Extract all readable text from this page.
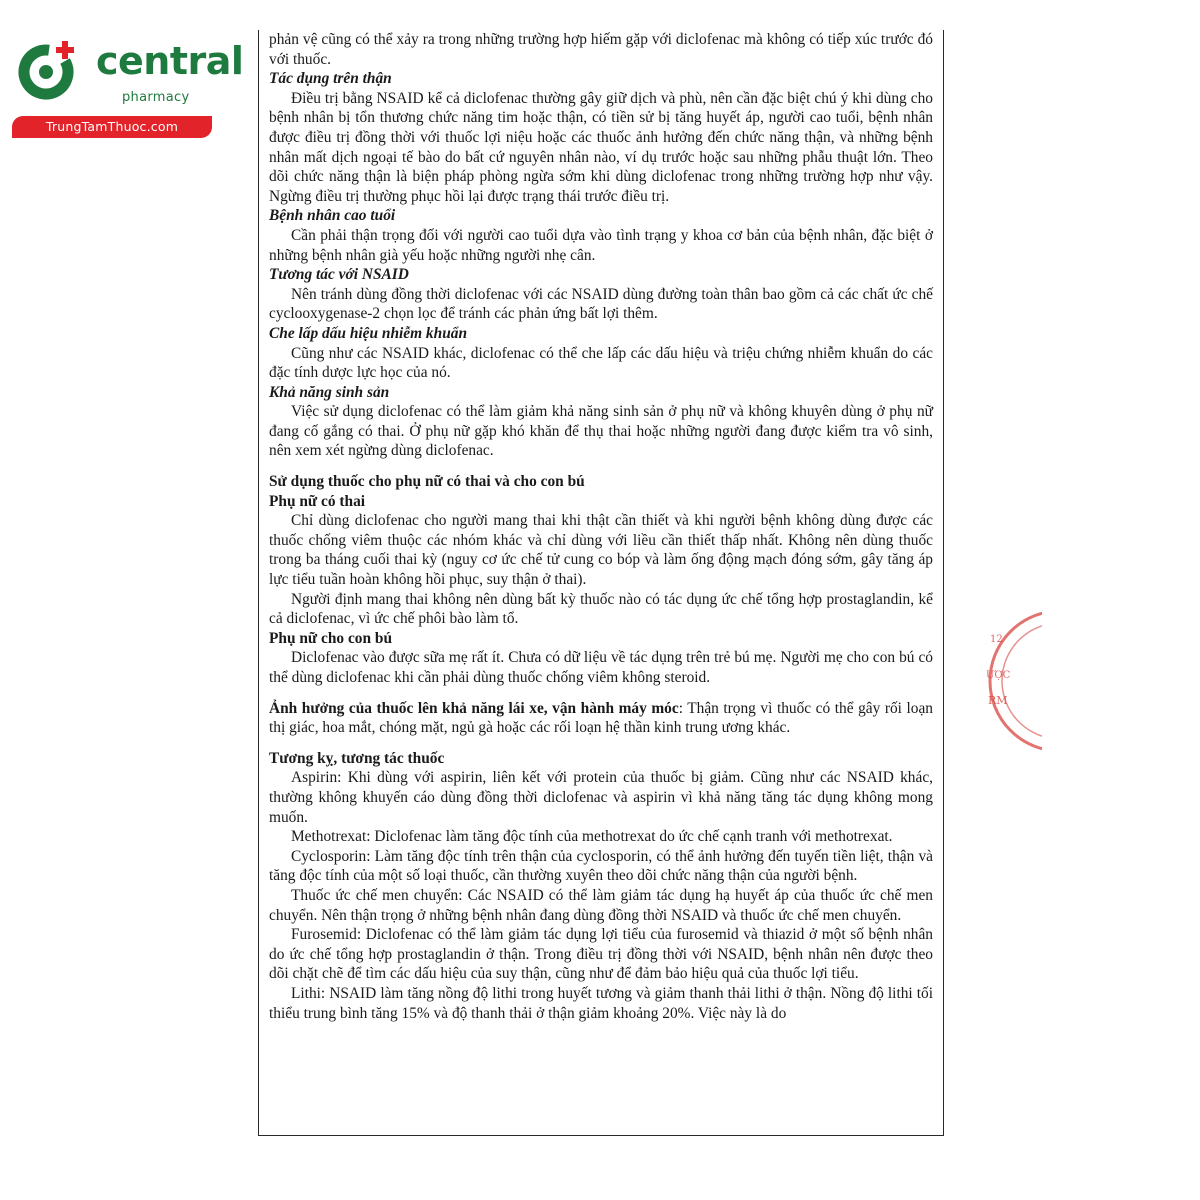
central
pharmacy
TrungTamThuoc.com

phản vệ cũng có thể xảy ra trong những trường hợp hiếm gặp với diclofenac mà không có tiếp xúc trước đó với thuốc.

Tác dụng trên thận

Điều trị bằng NSAID kể cả diclofenac thường gây giữ dịch và phù, nên cần đặc biệt chú ý khi dùng cho bệnh nhân bị tổn thương chức năng tim hoặc thận, có tiền sử bị tăng huyết áp, người cao tuổi, bệnh nhân được điều trị đồng thời với thuốc lợi niệu hoặc các thuốc ảnh hưởng đến chức năng thận, và những bệnh nhân mất dịch ngoại tế bào do bất cứ nguyên nhân nào, ví dụ trước hoặc sau những phẫu thuật lớn. Theo dõi chức năng thận là biện pháp phòng ngừa sớm khi dùng diclofenac trong những trường hợp như vậy. Ngừng điều trị thường phục hồi lại được trạng thái trước điều trị.

Bệnh nhân cao tuổi

Cần phải thận trọng đối với người cao tuổi dựa vào tình trạng y khoa cơ bản của bệnh nhân, đặc biệt ở những bệnh nhân già yếu hoặc những người nhẹ cân.

Tương tác với NSAID

Nên tránh dùng đồng thời diclofenac với các NSAID dùng đường toàn thân bao gồm cả các chất ức chế cyclooxygenase-2 chọn lọc để tránh các phản ứng bất lợi thêm.

Che lấp dấu hiệu nhiễm khuẩn

Cũng như các NSAID khác, diclofenac có thể che lấp các dấu hiệu và triệu chứng nhiễm khuẩn do các đặc tính dược lực học của nó.

Khả năng sinh sản

Việc sử dụng diclofenac có thể làm giảm khả năng sinh sản ở phụ nữ và không khuyên dùng ở phụ nữ đang cố gắng có thai. Ở phụ nữ gặp khó khăn để thụ thai hoặc những người đang được kiểm tra vô sinh, nên xem xét ngừng dùng diclofenac.

Sử dụng thuốc cho phụ nữ có thai và cho con bú

Phụ nữ có thai

Chỉ dùng diclofenac cho người mang thai khi thật cần thiết và khi người bệnh không dùng được các thuốc chống viêm thuộc các nhóm khác và chỉ dùng với liều cần thiết thấp nhất. Không nên dùng thuốc trong ba tháng cuối thai kỳ (nguy cơ ức chế tử cung co bóp và làm ống động mạch đóng sớm, gây tăng áp lực tiểu tuần hoàn không hồi phục, suy thận ở thai).

Người định mang thai không nên dùng bất kỳ thuốc nào có tác dụng ức chế tổng hợp prostaglandin, kể cả diclofenac, vì ức chế phôi bào làm tổ.

Phụ nữ cho con bú

Diclofenac vào được sữa mẹ rất ít. Chưa có dữ liệu về tác dụng trên trẻ bú mẹ. Người mẹ cho con bú có thể dùng diclofenac khi cần phải dùng thuốc chống viêm không steroid.

Ảnh hưởng của thuốc lên khả năng lái xe, vận hành máy móc: Thận trọng vì thuốc có thể gây rối loạn thị giác, hoa mắt, chóng mặt, ngủ gà hoặc các rối loạn hệ thần kinh trung ương khác.

Tương kỵ, tương tác thuốc

Aspirin: Khi dùng với aspirin, liên kết với protein của thuốc bị giảm. Cũng như các NSAID khác, thường không khuyến cáo dùng đồng thời diclofenac và aspirin vì khả năng tăng tác dụng không mong muốn.

Methotrexat: Diclofenac làm tăng độc tính của methotrexat do ức chế cạnh tranh với methotrexat.

Cyclosporin: Làm tăng độc tính trên thận của cyclosporin, có thể ảnh hưởng đến tuyến tiền liệt, thận và tăng độc tính của một số loại thuốc, cần thường xuyên theo dõi chức năng thận của người bệnh.

Thuốc ức chế men chuyển: Các NSAID có thể làm giảm tác dụng hạ huyết áp của thuốc ức chế men chuyển. Nên thận trọng ở những bệnh nhân đang dùng đồng thời NSAID và thuốc ức chế men chuyển.

Furosemid: Diclofenac có thể làm giảm tác dụng lợi tiểu của furosemid và thiazid ở một số bệnh nhân do ức chế tổng hợp prostaglandin ở thận. Trong điều trị đồng thời với NSAID, bệnh nhân nên được theo dõi chặt chẽ để tìm các dấu hiệu của suy thận, cũng như để đảm bảo hiệu quả của thuốc lợi tiểu.

Lithi: NSAID làm tăng nồng độ lithi trong huyết tương và giảm thanh thải lithi ở thận. Nồng độ lithi tối thiểu trung bình tăng 15% và độ thanh thải ở thận giảm khoảng 20%. Việc này là do

12
ƯỢC
RM
